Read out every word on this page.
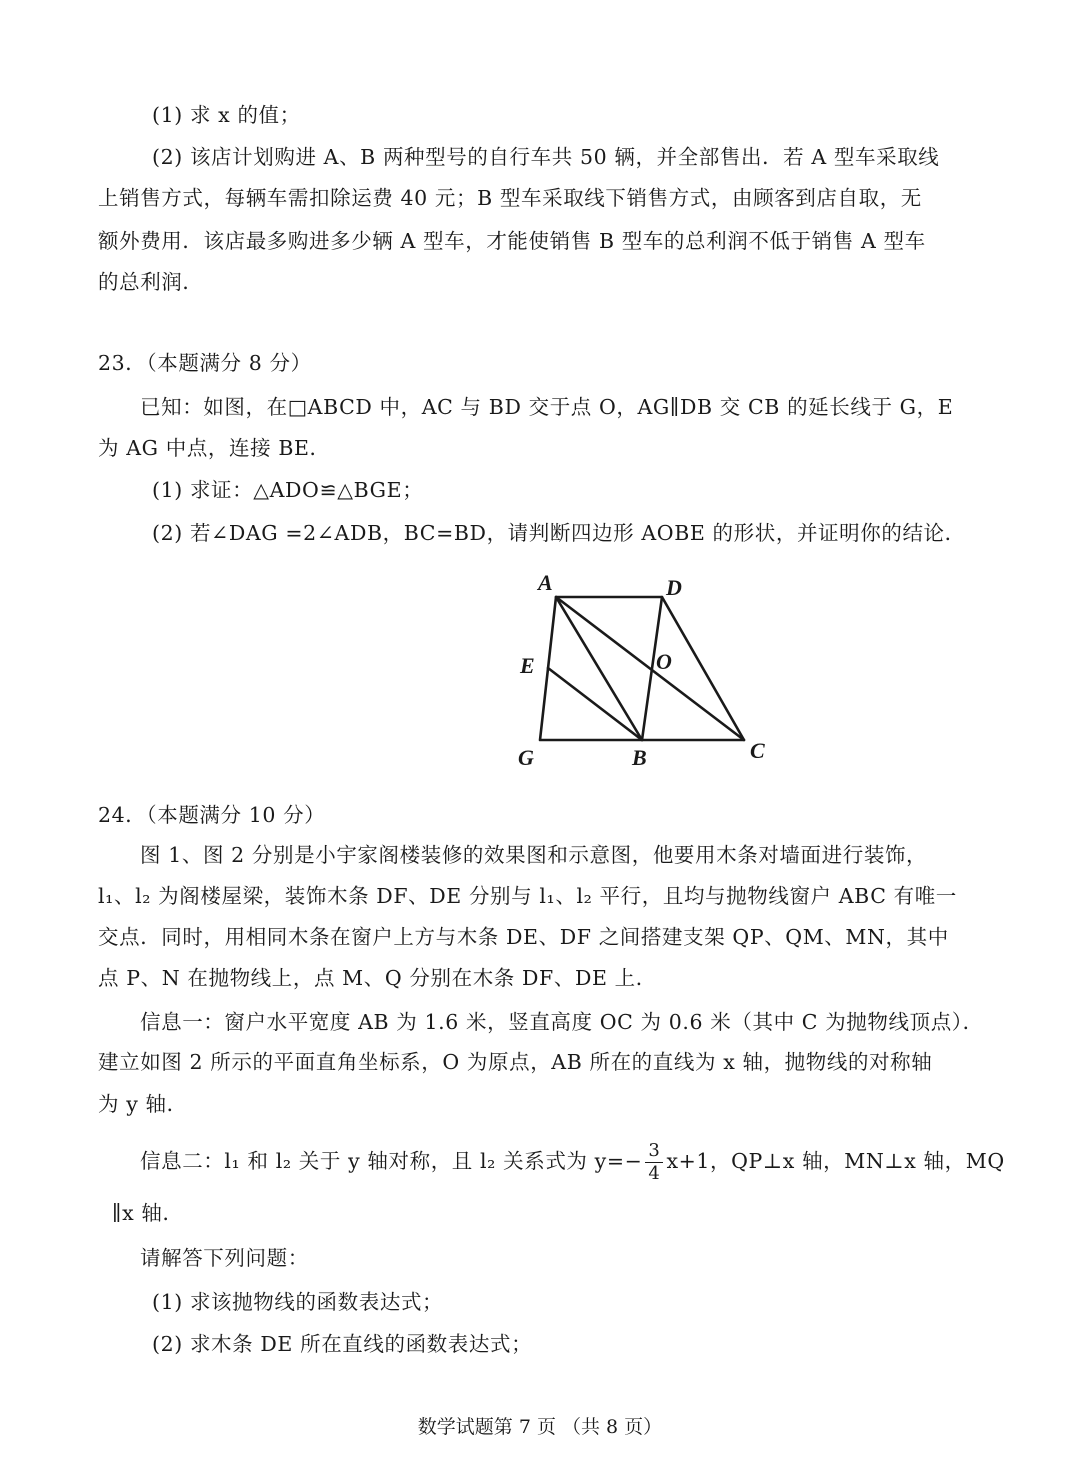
(1) 求 x 的值；
(2) 该店计划购进 A、B 两种型号的自行车共 50 辆，并全部售出．若 A 型车采取线
上销售方式，每辆车需扣除运费 40 元；B 型车采取线下销售方式，由顾客到店自取，无
额外费用．该店最多购进多少辆 A 型车，才能使销售 B 型车的总利润不低于销售 A 型车
的总利润．
23．（本题满分 8 分）
已知：如图，在□ABCD 中，AC 与 BD 交于点 O，AG∥DB 交 CB 的延长线于 G，E
为 AG 中点，连接 BE．
(1) 求证：△ADO≌△BGE；
(2) 若∠DAG =2∠ADB，BC=BD，请判断四边形 AOBE 的形状，并证明你的结论．
A	D
E	O
G	B	C
24．（本题满分 10 分）
图 1、图 2 分别是小宇家阁楼装修的效果图和示意图，他要用木条对墙面进行装饰，
l₁、l₂ 为阁楼屋梁，装饰木条 DF、DE 分别与 l₁、l₂ 平行，且均与抛物线窗户 ABC 有唯一
交点．同时，用相同木条在窗户上方与木条 DE、DF 之间搭建支架 QP、QM、MN，其中
点 P、N 在抛物线上，点 M、Q 分别在木条 DF、DE 上．
信息一：窗户水平宽度 AB 为 1.6 米，竖直高度 OC 为 0.6 米（其中 C 为抛物线顶点）．
建立如图 2 所示的平面直角坐标系，O 为原点，AB 所在的直线为 x 轴，抛物线的对称轴
为 y 轴．
信息二：l₁ 和 l₂ 关于 y 轴对称，且 l₂ 关系式为 $y=- \frac{3}{4} x+1$，QP⊥x 轴，MN⊥x 轴，MQ
∥x 轴．
请解答下列问题：
(1) 求该抛物线的函数表达式；
(2) 求木条 DE 所在直线的函数表达式；
数学试题第 7 页 （共 8 页）
